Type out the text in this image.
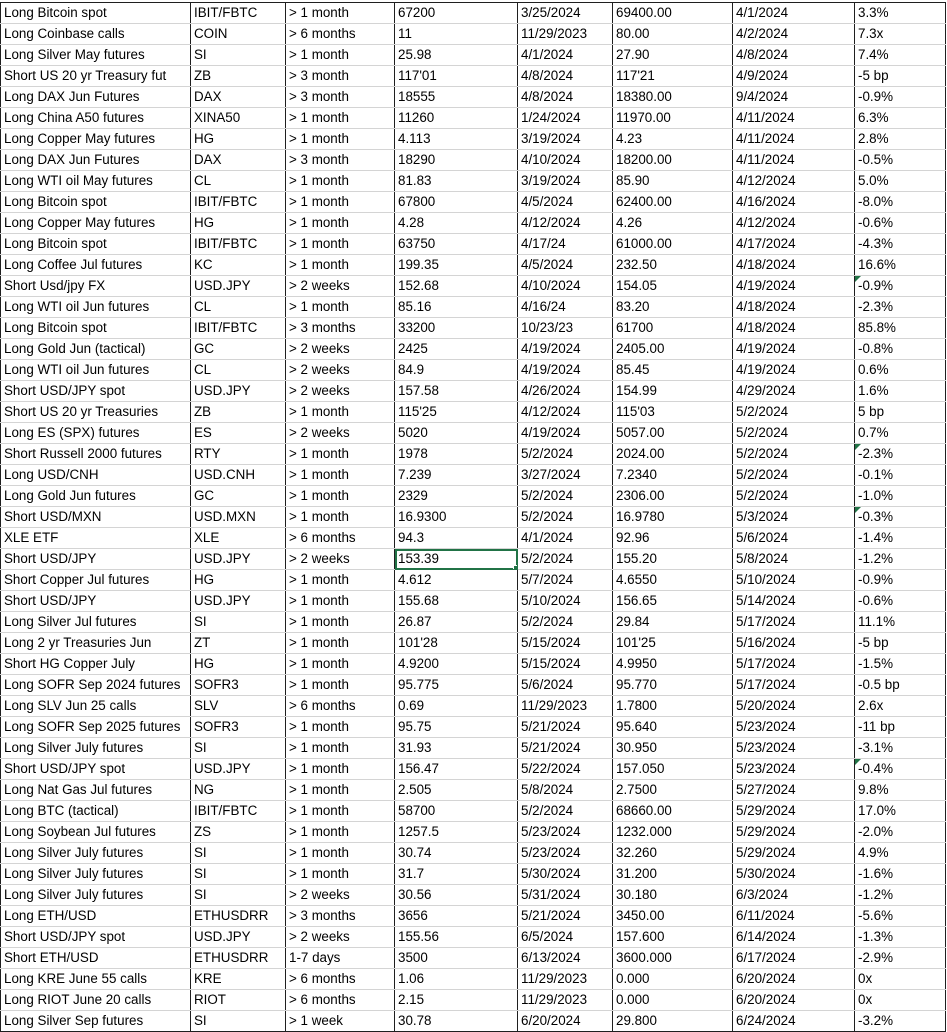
Long Bitcoin spot	IBIT/FBTC	> 1 month	67200	3/25/2024	69400.00	4/1/2024	3.3%
Long Coinbase calls	COIN	> 6 months	11	11/29/2023	80.00	4/2/2024	7.3x
Long Silver May futures	SI	> 1 month	25.98	4/1/2024	27.90	4/8/2024	7.4%
Short US 20 yr Treasury fut	ZB	> 3 month	117'01	4/8/2024	117'21	4/9/2024	-5 bp
Long DAX Jun Futures	DAX	> 3 month	18555	4/8/2024	18380.00	9/4/2024	-0.9%
Long China A50 futures	XINA50	> 1 month	11260	1/24/2024	11970.00	4/11/2024	6.3%
Long Copper May futures	HG	> 1 month	4.113	3/19/2024	4.23	4/11/2024	2.8%
Long DAX Jun Futures	DAX	> 3 month	18290	4/10/2024	18200.00	4/11/2024	-0.5%
Long WTI oil May futures	CL	> 1 month	81.83	3/19/2024	85.90	4/12/2024	5.0%
Long Bitcoin spot	IBIT/FBTC	> 1 month	67800	4/5/2024	62400.00	4/16/2024	-8.0%
Long Copper May futures	HG	> 1 month	4.28	4/12/2024	4.26	4/12/2024	-0.6%
Long Bitcoin spot	IBIT/FBTC	> 1 month	63750	4/17/24	61000.00	4/17/2024	-4.3%
Long Coffee Jul futures	KC	> 1 month	199.35	4/5/2024	232.50	4/18/2024	16.6%
Short Usd/jpy FX	USD.JPY	> 2 weeks	152.68	4/10/2024	154.05	4/19/2024	-0.9%
Long WTI oil Jun futures	CL	> 1 month	85.16	4/16/24	83.20	4/18/2024	-2.3%
Long Bitcoin spot	IBIT/FBTC	> 3 months	33200	10/23/23	61700	4/18/2024	85.8%
Long Gold Jun (tactical)	GC	> 2 weeks	2425	4/19/2024	2405.00	4/19/2024	-0.8%
Long WTI oil Jun futures	CL	> 2 weeks	84.9	4/19/2024	85.45	4/19/2024	0.6%
Short USD/JPY spot	USD.JPY	> 2 weeks	157.58	4/26/2024	154.99	4/29/2024	1.6%
Short US 20 yr Treasuries	ZB	> 1 month	115'25	4/12/2024	115'03	5/2/2024	5 bp
Long ES (SPX) futures	ES	> 2 weeks	5020	4/19/2024	5057.00	5/2/2024	0.7%
Short Russell 2000 futures	RTY	> 1 month	1978	5/2/2024	2024.00	5/2/2024	-2.3%
Long USD/CNH	USD.CNH	> 1 month	7.239	3/27/2024	7.2340	5/2/2024	-0.1%
Long Gold Jun futures	GC	> 1 month	2329	5/2/2024	2306.00	5/2/2024	-1.0%
Short USD/MXN	USD.MXN	> 1 month	16.9300	5/2/2024	16.9780	5/3/2024	-0.3%
XLE ETF	XLE	> 6 months	94.3	4/1/2024	92.96	5/6/2024	-1.4%
Short USD/JPY	USD.JPY	> 2 weeks	153.39	5/2/2024	155.20	5/8/2024	-1.2%
Short Copper Jul futures	HG	> 1 month	4.612	5/7/2024	4.6550	5/10/2024	-0.9%
Short USD/JPY	USD.JPY	> 1 month	155.68	5/10/2024	156.65	5/14/2024	-0.6%
Long Silver Jul futures	SI	> 1 month	26.87	5/2/2024	29.84	5/17/2024	11.1%
Long 2 yr Treasuries Jun	ZT	> 1 month	101'28	5/15/2024	101'25	5/16/2024	-5 bp
Short HG Copper July	HG	> 1 month	4.9200	5/15/2024	4.9950	5/17/2024	-1.5%
Long SOFR Sep 2024 futures	SOFR3	> 1 month	95.775	5/6/2024	95.770	5/17/2024	-0.5 bp
Long SLV Jun 25 calls	SLV	> 6 months	0.69	11/29/2023	1.7800	5/20/2024	2.6x
Long SOFR Sep 2025 futures	SOFR3	> 1 month	95.75	5/21/2024	95.640	5/23/2024	-11 bp
Long Silver July futures	SI	> 1 month	31.93	5/21/2024	30.950	5/23/2024	-3.1%
Short USD/JPY spot	USD.JPY	> 1 month	156.47	5/22/2024	157.050	5/23/2024	-0.4%
Long Nat Gas Jul futures	NG	> 1 month	2.505	5/8/2024	2.7500	5/27/2024	9.8%
Long BTC (tactical)	IBIT/FBTC	> 1 month	58700	5/2/2024	68660.00	5/29/2024	17.0%
Long Soybean Jul futures	ZS	> 1 month	1257.5	5/23/2024	1232.000	5/29/2024	-2.0%
Long Silver July futures	SI	> 1 month	30.74	5/23/2024	32.260	5/29/2024	4.9%
Long Silver July futures	SI	> 1 month	31.7	5/30/2024	31.200	5/30/2024	-1.6%
Long Silver July futures	SI	> 2 weeks	30.56	5/31/2024	30.180	6/3/2024	-1.2%
Long ETH/USD	ETHUSDRR	> 3 months	3656	5/21/2024	3450.00	6/11/2024	-5.6%
Short USD/JPY spot	USD.JPY	> 2 weeks	155.56	6/5/2024	157.600	6/14/2024	-1.3%
Short ETH/USD	ETHUSDRR	1-7 days	3500	6/13/2024	3600.000	6/17/2024	-2.9%
Long KRE June 55 calls	KRE	> 6 months	1.06	11/29/2023	0.000	6/20/2024	0x
Long RIOT June 20 calls	RIOT	> 6 months	2.15	11/29/2023	0.000	6/20/2024	0x
Long Silver Sep futures	SI	> 1 week	30.78	6/20/2024	29.800	6/24/2024	-3.2%
